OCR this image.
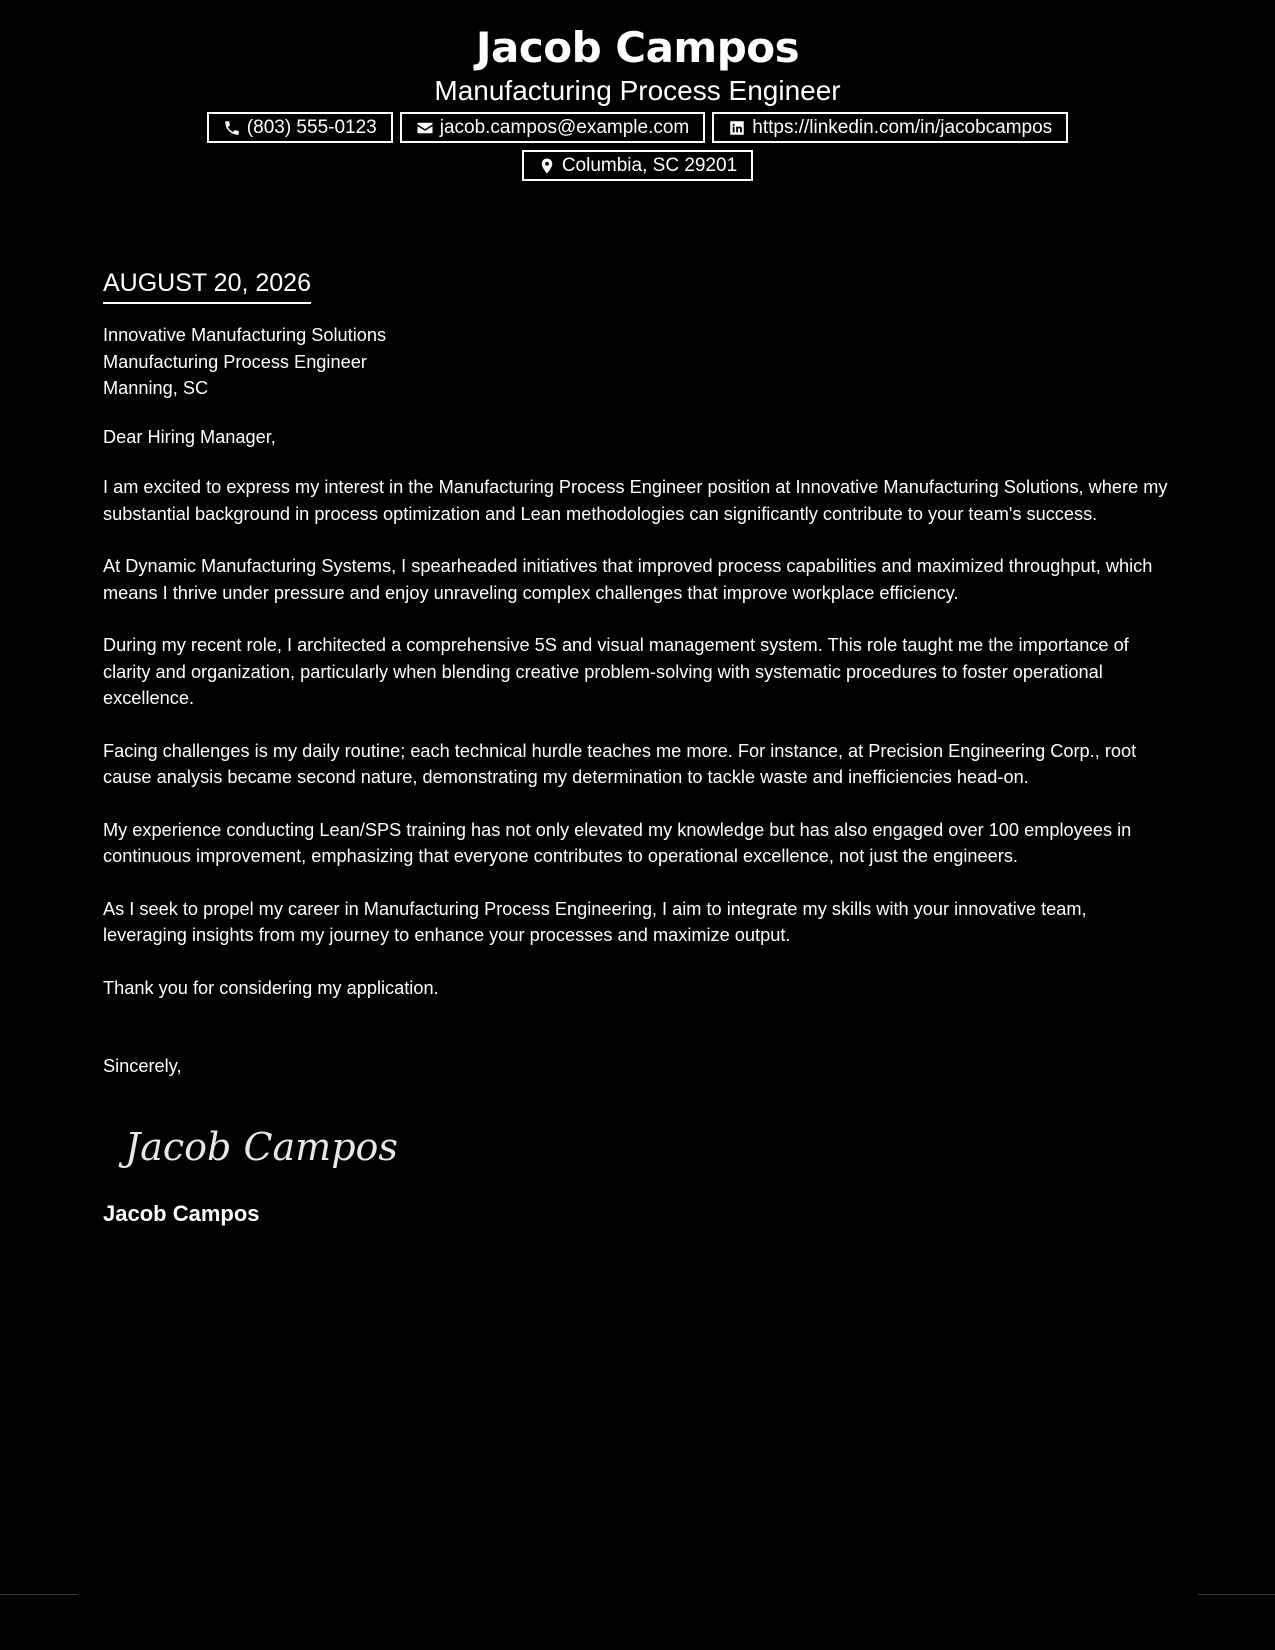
Jacob Campos

Manufacturing Process Engineer

(803) 555-0123	jacob.campos@example.com	https://linkedin.com/in/jacobcampos
Columbia, SC 29201
AUGUST 20, 2026

Innovative Manufacturing Solutions

Manufacturing Process Engineer

Manning, SC

Dear Hiring Manager,

I am excited to express my interest in the Manufacturing Process Engineer position at Innovative Manufacturing Solutions, where my substantial background in process optimization and Lean methodologies can significantly contribute to your team's success.

At Dynamic Manufacturing Systems, I spearheaded initiatives that improved process capabilities and maximized throughput, which means I thrive under pressure and enjoy unraveling complex challenges that improve workplace efficiency.

During my recent role, I architected a comprehensive 5S and visual management system. This role taught me the importance of clarity and organization, particularly when blending creative problem-solving with systematic procedures to foster operational excellence.

Facing challenges is my daily routine; each technical hurdle teaches me more. For instance, at Precision Engineering Corp., root cause analysis became second nature, demonstrating my determination to tackle waste and inefficiencies head-on.

My experience conducting Lean/SPS training has not only elevated my knowledge but has also engaged over 100 employees in continuous improvement, emphasizing that everyone contributes to operational excellence, not just the engineers.

As I seek to propel my career in Manufacturing Process Engineering, I aim to integrate my skills with your innovative team, leveraging insights from my journey to enhance your processes and maximize output.

Thank you for considering my application.

Sincerely,

Jacob Campos
Jacob Campos
